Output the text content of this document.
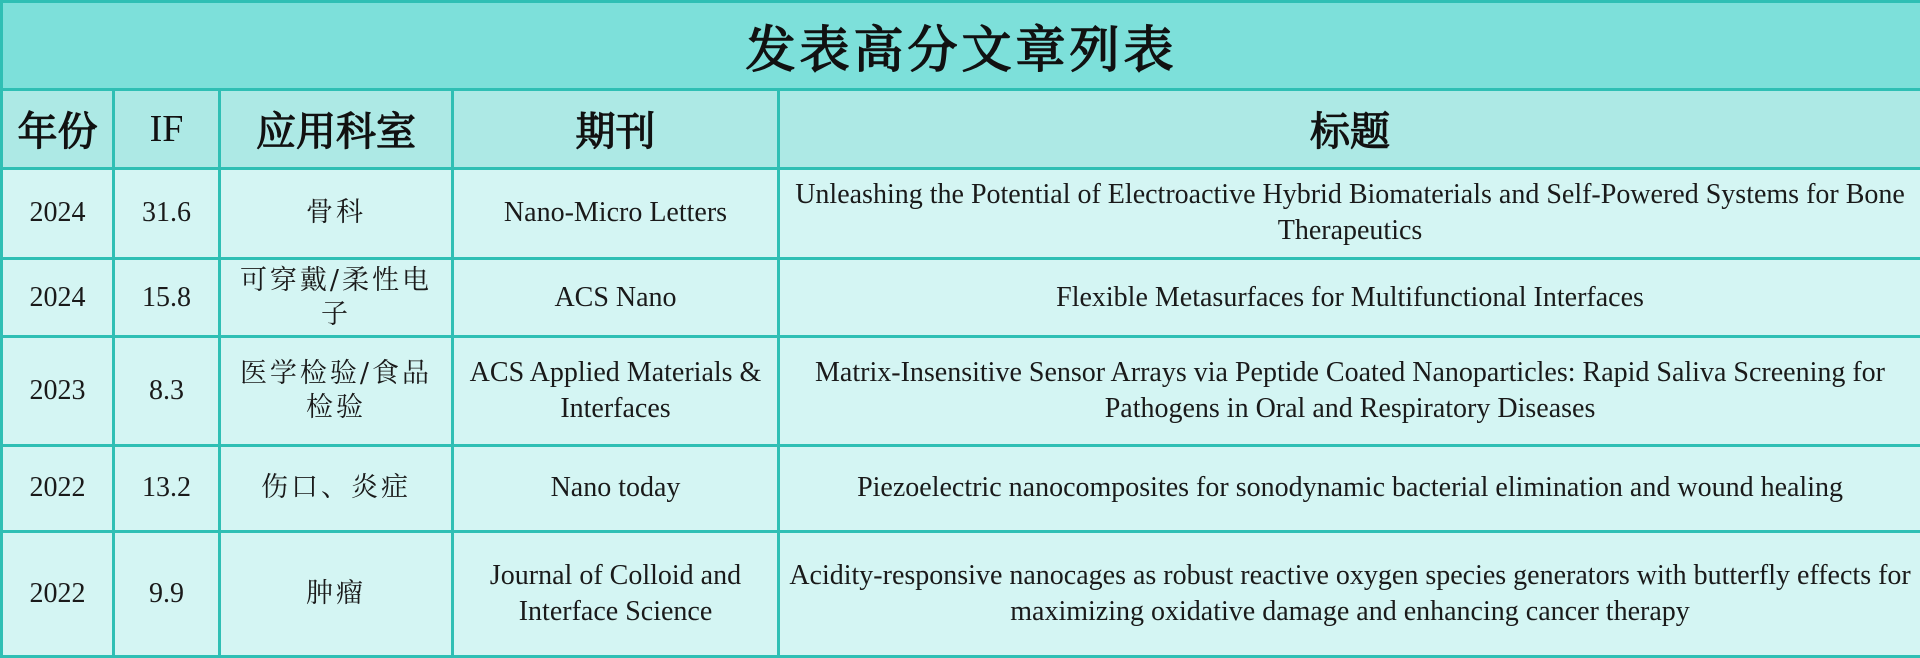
发表高分文章列表				
年份	IF	应用科室	期刊	标题
2024	31.6	骨科	Nano-Micro Letters	Unleashing the Potential of Electroactive Hybrid Biomaterials and Self-Powered Systems for Bone Therapeutics
2024	15.8	可穿戴/柔性电子	ACS Nano	Flexible Metasurfaces for Multifunctional Interfaces
2023	8.3	医学检验/食品检验	ACS Applied Materials & Interfaces	Matrix-Insensitive Sensor Arrays via Peptide Coated Nanoparticles: Rapid Saliva Screening for Pathogens in Oral and Respiratory Diseases
2022	13.2	伤口、炎症	Nano today	Piezoelectric nanocomposites for sonodynamic bacterial elimination and wound healing
2022	9.9	肿瘤	Journal of Colloid and Interface Science	Acidity-responsive nanocages as robust reactive oxygen species generators with butterfly effects for maximizing oxidative damage and enhancing cancer therapy
